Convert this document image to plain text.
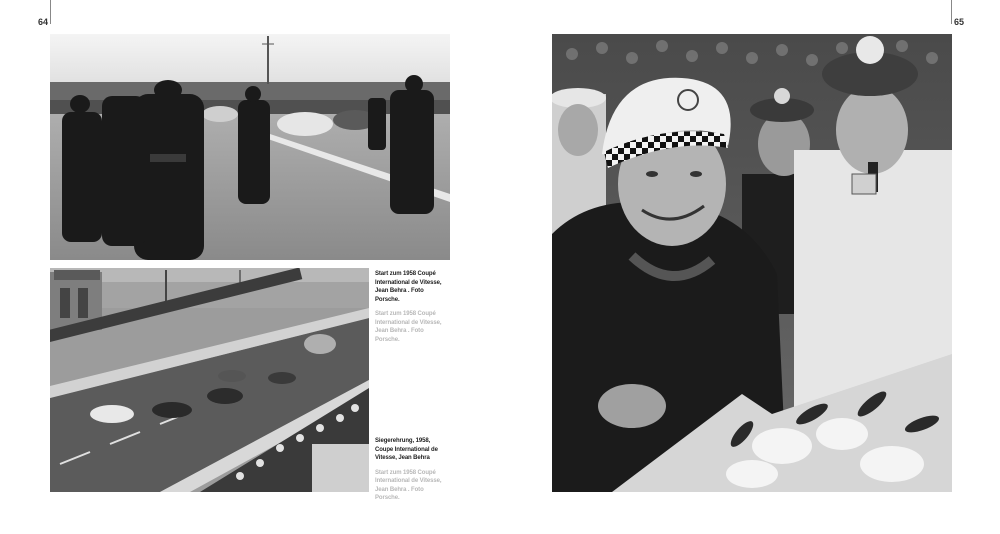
64	65
Start zum 1958 Coupé International de Vitesse, Jean Behra . Foto Porsche.
Start zum 1958 Coupé International de Vitesse, Jean Behra . Foto Porsche.
Siegerehrung, 1958, Coupe International de Vitesse, Jean Behra
Start zum 1958 Coupé International de Vitesse, Jean Behra . Foto Porsche.
